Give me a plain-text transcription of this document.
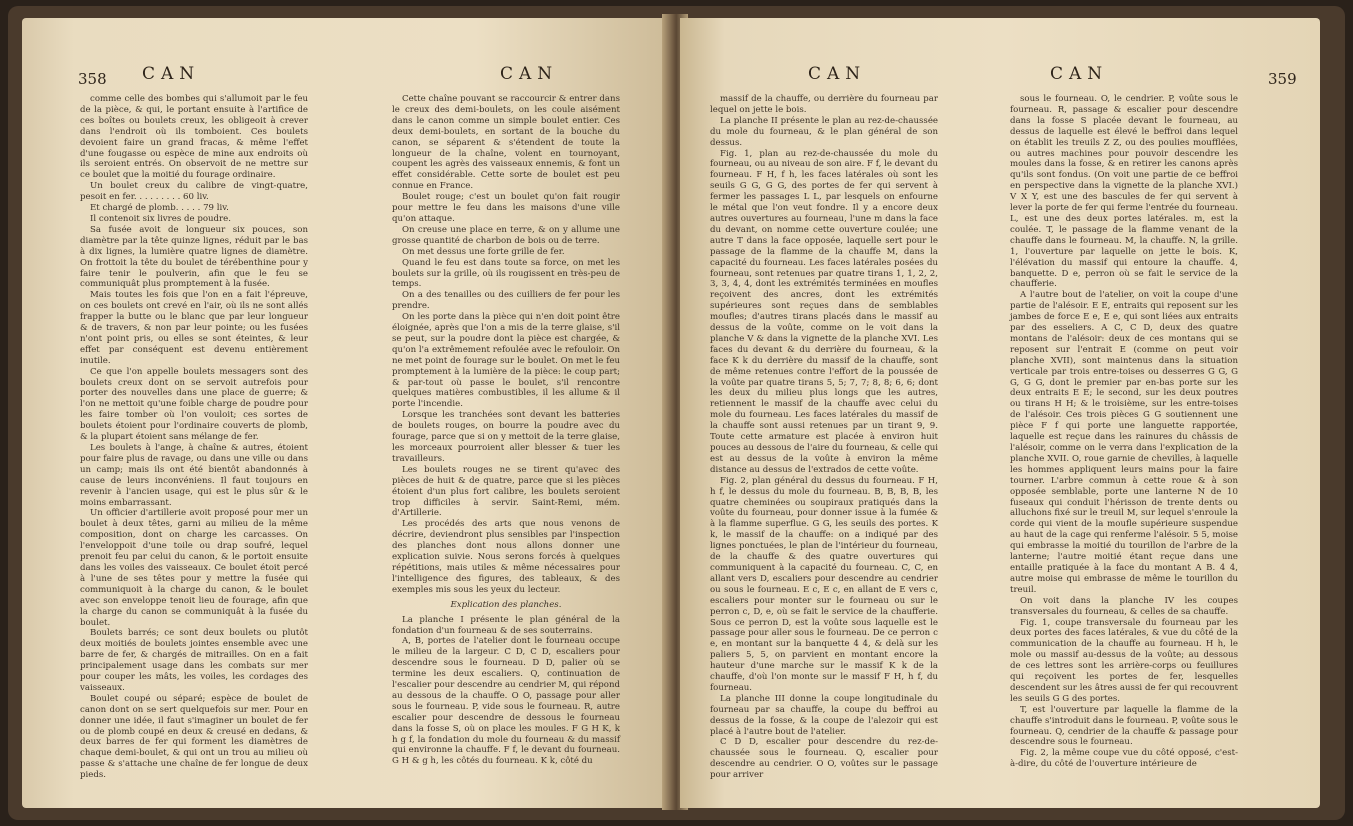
358 CAN	CAN

comme celle des bombes qui s'allumoit par le feu de la pièce, & qui, le portant ensuite à l'artifice de ces boîtes ou boulets creux, les obligeoit à crever dans l'endroit où ils tomboient. Ces boulets devoient faire un grand fracas, & même l'effet d'une fougasse ou espèce de mine aux endroits où ils seroient entrés. On observoit de ne mettre sur ce boulet que la moitié du fourage ordinaire.

Un boulet creux du calibre de vingt-quatre, pesoit en fer. . . . . . . . . 60 liv.

Et chargé de plomb. . . . . 79 liv.

Il contenoit six livres de poudre.

Sa fusée avoit de longueur six pouces, son diamètre par la tête quinze lignes, réduit par le bas à dix lignes, la lumière quatre lignes de diamètre. On frottoit la tête du boulet de térébenthine pour y faire tenir le poulverin, afin que le feu se communiquât plus promptement à la fusée.

Mais toutes les fois que l'on en a fait l'épreuve, on ces boulets ont crevé en l'air, où ils ne sont allés frapper la butte ou le blanc que par leur longueur & de travers, & non par leur pointe; ou les fusées n'ont point pris, ou elles se sont éteintes, & leur effet par conséquent est devenu entièrement inutile.

Ce que l'on appelle boulets messagers sont des boulets creux dont on se servoit autrefois pour porter des nouvelles dans une place de guerre; & l'on ne mettoit qu'une foible charge de poudre pour les faire tomber où l'on vouloit; ces sortes de boulets étoient pour l'ordinaire couverts de plomb, & la plupart étoient sans mélange de fer.

Les boulets à l'ange, à chaîne & autres, étoient pour faire plus de ravage, ou dans une ville ou dans un camp; mais ils ont été bientôt abandonnés à cause de leurs inconvéniens. Il faut toujours en revenir à l'ancien usage, qui est le plus sûr & le moins embarrassant.

Un officier d'artillerie avoit proposé pour mer un boulet à deux têtes, garni au milieu de la même composition, dont on charge les carcasses. On l'enveloppoit d'une toile ou drap soufré, lequel prenoit feu par celui du canon, & le portoit ensuite dans les voiles des vaisseaux. Ce boulet étoit percé à l'une de ses têtes pour y mettre la fusée qui communiquoit à la charge du canon, & le boulet avec son enveloppe tenoit lieu de fourage, afin que la charge du canon se communiquât à la fusée du boulet.

Boulets barrés; ce sont deux boulets ou plutôt deux moitiés de boulets jointes ensemble avec une barre de fer, & chargés de mitrailles. On en a fait principalement usage dans les combats sur mer pour couper les mâts, les voiles, les cordages des vaisseaux.

Boulet coupé ou séparé; espèce de boulet de canon dont on se sert quelquefois sur mer. Pour en donner une idée, il faut s'imaginer un boulet de fer ou de plomb coupé en deux & creusé en dedans, & deux barres de fer qui forment les diamètres de chaque demi-boulet, & qui ont un trou au milieu où passe & s'attache une chaîne de fer longue de deux pieds.

Cette chaîne pouvant se raccourcir & entrer dans le creux des demi-boulets, on les coule aisément dans le canon comme un simple boulet entier. Ces deux demi-boulets, en sortant de la bouche du canon, se séparent & s'étendent de toute la longueur de la chaîne, volent en tournoyant, coupent les agrès des vaisseaux ennemis, & font un effet considérable. Cette sorte de boulet est peu connue en France.

Boulet rouge; c'est un boulet qu'on fait rougir pour mettre le feu dans les maisons d'une ville qu'on attaque.

On creuse une place en terre, & on y allume une grosse quantité de charbon de bois ou de terre.

On met dessus une forte grille de fer.

Quand le feu est dans toute sa force, on met les boulets sur la grille, où ils rougissent en très-peu de temps.

On a des tenailles ou des cuilliers de fer pour les prendre.

On les porte dans la pièce qui n'en doit point être éloignée, après que l'on a mis de la terre glaise, s'il se peut, sur la poudre dont la pièce est chargée, & qu'on l'a extrêmement refoulée avec le refouloir. On ne met point de fourage sur le boulet. On met le feu promptement à la lumière de la pièce: le coup part; & par-tout où passe le boulet, s'il rencontre quelques matières combustibles, il les allume & il porte l'incendie.

Lorsque les tranchées sont devant les batteries de boulets rouges, on bourre la poudre avec du fourage, parce que si on y mettoit de la terre glaise, les morceaux pourroient aller blesser & tuer les travailleurs.

Les boulets rouges ne se tirent qu'avec des pièces de huit & de quatre, parce que si les pièces étoient d'un plus fort calibre, les boulets seroient trop difficiles à servir. Saint-Remi, mém. d'Artillerie.

Les procédés des arts que nous venons de décrire, deviendront plus sensibles par l'inspection des planches dont nous allons donner une explication suivie. Nous serons forcés à quelques répétitions, mais utiles & même nécessaires pour l'intelligence des figures, des tableaux, & des exemples mis sous les yeux du lecteur.

Explication des planches.

La planche I présente le plan général de la fondation d'un fourneau & de ses souterrains.

A, B, portes de l'atelier dont le fourneau occupe le milieu de la largeur. C D, C D, escaliers pour descendre sous le fourneau. D D, palier où se termine les deux escaliers. Q, continuation de l'escalier pour descendre au cendrier M, qui répond au dessous de la chauffe. O O, passage pour aller sous le fourneau. P, vide sous le fourneau. R, autre escalier pour descendre de dessous le fourneau dans la fosse S, où on place les moules. F G H K, k h g f, la fondation du mole du fourneau & du massif qui environne la chauffe. F f, le devant du fourneau. G H & g h, les côtés du fourneau. K k, côté du

CAN	CAN	359

massif de la chauffe, ou derrière du fourneau par lequel on jette le bois.

La planche II présente le plan au rez-de-chaussée du mole du fourneau, & le plan général de son dessus.

Fig. 1, plan au rez-de-chaussée du mole du fourneau, ou au niveau de son aire. F f, le devant du fourneau. F H, f h, les faces latérales où sont les seuils G G, G G, des portes de fer qui servent à fermer les passages L L, par lesquels on enfourne le métal que l'on veut fondre. Il y a encore deux autres ouvertures au fourneau, l'une m dans la face du devant, on nomme cette ouverture coulée; une autre T dans la face opposée, laquelle sert pour le passage de la flamme de la chauffe M, dans la capacité du fourneau. Les faces latérales posées du fourneau, sont retenues par quatre tirans 1, 1, 2, 2, 3, 3, 4, 4, dont les extrémités terminées en moufles reçoivent des ancres, dont les extrémités supérieures sont reçues dans de semblables moufles; d'autres tirans placés dans le massif au dessus de la voûte, comme on le voit dans la planche V & dans la vignette de la planche XVI. Les faces du devant & du derrière du fourneau, & la face K k du derrière du massif de la chauffe, sont de même retenues contre l'effort de la poussée de la voûte par quatre tirans 5, 5; 7, 7; 8, 8; 6, 6; dont les deux du milieu plus longs que les autres, retiennent le massif de la chauffe avec celui du mole du fourneau. Les faces latérales du massif de la chauffe sont aussi retenues par un tirant 9, 9. Toute cette armature est placée à environ huit pouces au dessous de l'aire du fourneau, & celle qui est au dessus de la voûte à environ la même distance au dessus de l'extrados de cette voûte.

Fig. 2, plan général du dessus du fourneau. F H, h f, le dessus du mole du fourneau. B, B, B, B, les quatre cheminées ou soupiraux pratiqués dans la voûte du fourneau, pour donner issue à la fumée & à la flamme superflue. G G, les seuils des portes. K k, le massif de la chauffe: on a indiqué par des lignes ponctuées, le plan de l'intérieur du fourneau, de la chauffe & des quatre ouvertures qui communiquent à la capacité du fourneau. C, C, en allant vers D, escaliers pour descendre au cendrier ou sous le fourneau. E c, E c, en allant de E vers c, escaliers pour monter sur le fourneau ou sur le perron c, D, e, où se fait le service de la chaufferie. Sous ce perron D, est la voûte sous laquelle est le passage pour aller sous le fourneau. De ce perron c e, en montant sur la banquette 4 4, & delà sur les paliers 5, 5, on parvient en montant encore la hauteur d'une marche sur le massif K k de la chauffe, d'où l'on monte sur le massif F H, h f, du fourneau.

La planche III donne la coupe longitudinale du fourneau par sa chauffe, la coupe du beffroi au dessus de la fosse, & la coupe de l'alezoir qui est placé à l'autre bout de l'atelier.

C D D, escalier pour descendre du rez-de-chaussée sous le fourneau. Q, escalier pour descendre au cendrier. O O, voûtes sur le passage pour arriver

sous le fourneau. O, le cendrier. P, voûte sous le fourneau. R, passage & escalier pour descendre dans la fosse S placée devant le fourneau, au dessus de laquelle est élevé le beffroi dans lequel on établit les treuils Z Z, ou des poulies moufflées, ou autres machines pour pouvoir descendre les moules dans la fosse, & en retirer les canons après qu'ils sont fondus. (On voit une partie de ce beffroi en perspective dans la vignette de la planche XVI.) V X Y, est une des bascules de fer qui servent à lever la porte de fer qui ferme l'entrée du fourneau. L, est une des deux portes latérales. m, est la coulée. T, le passage de la flamme venant de la chauffe dans le fourneau. M, la chauffe. N, la grille. 1, l'ouverture par laquelle on jette le bois. K, l'élévation du massif qui entoure la chauffe. 4, banquette. D e, perron où se fait le service de la chaufferie.

A l'autre bout de l'atelier, on voit la coupe d'une partie de l'alésoir. E E, entraits qui reposent sur les jambes de force E e, E e, qui sont liées aux entraits par des esseliers. A C, C D, deux des quatre montans de l'alésoir: deux de ces montans qui se reposent sur l'entrait E (comme on peut voir planche XVII), sont maintenus dans la situation verticale par trois entre-toises ou desserres G G, G G, G G, dont le premier par en-bas porte sur les deux entraits E E; le second, sur les deux poutres ou tirans H H; & le troisième, sur les entre-toises de l'alésoir. Ces trois pièces G G soutiennent une pièce F f qui porte une languette rapportée, laquelle est reçue dans les rainures du châssis de l'alésoir, comme on le verra dans l'explication de la planche XVII. O, roue garnie de chevilles, à laquelle les hommes appliquent leurs mains pour la faire tourner. L'arbre commun à cette roue & à son opposée semblable, porte une lanterne N de 10 fuseaux qui conduit l'hérisson de trente dents ou alluchons fixé sur le treuil M, sur lequel s'enroule la corde qui vient de la moufle supérieure suspendue au haut de la cage qui renferme l'alésoir. 5 5, moise qui embrasse la moitié du tourillon de l'arbre de la lanterne; l'autre moitié étant reçue dans une entaille pratiquée à la face du montant A B. 4 4, autre moise qui embrasse de même le tourillon du treuil.

On voit dans la planche IV les coupes transversales du fourneau, & celles de sa chauffe.

Fig. 1, coupe transversale du fourneau par les deux portes des faces latérales, & vue du côté de la communication de la chauffe au fourneau. H h, le mole ou massif au-dessus de la voûte; au dessous de ces lettres sont les arrière-corps ou feuillures qui reçoivent les portes de fer, lesquelles descendent sur les âtres aussi de fer qui recouvrent les seuils G G des portes.

T, est l'ouverture par laquelle la flamme de la chauffe s'introduit dans le fourneau. P, voûte sous le fourneau. Q, cendrier de la chauffe & passage pour descendre sous le fourneau.

Fig. 2, la même coupe vue du côté opposé, c'est-à-dire, du côté de l'ouverture intérieure de
